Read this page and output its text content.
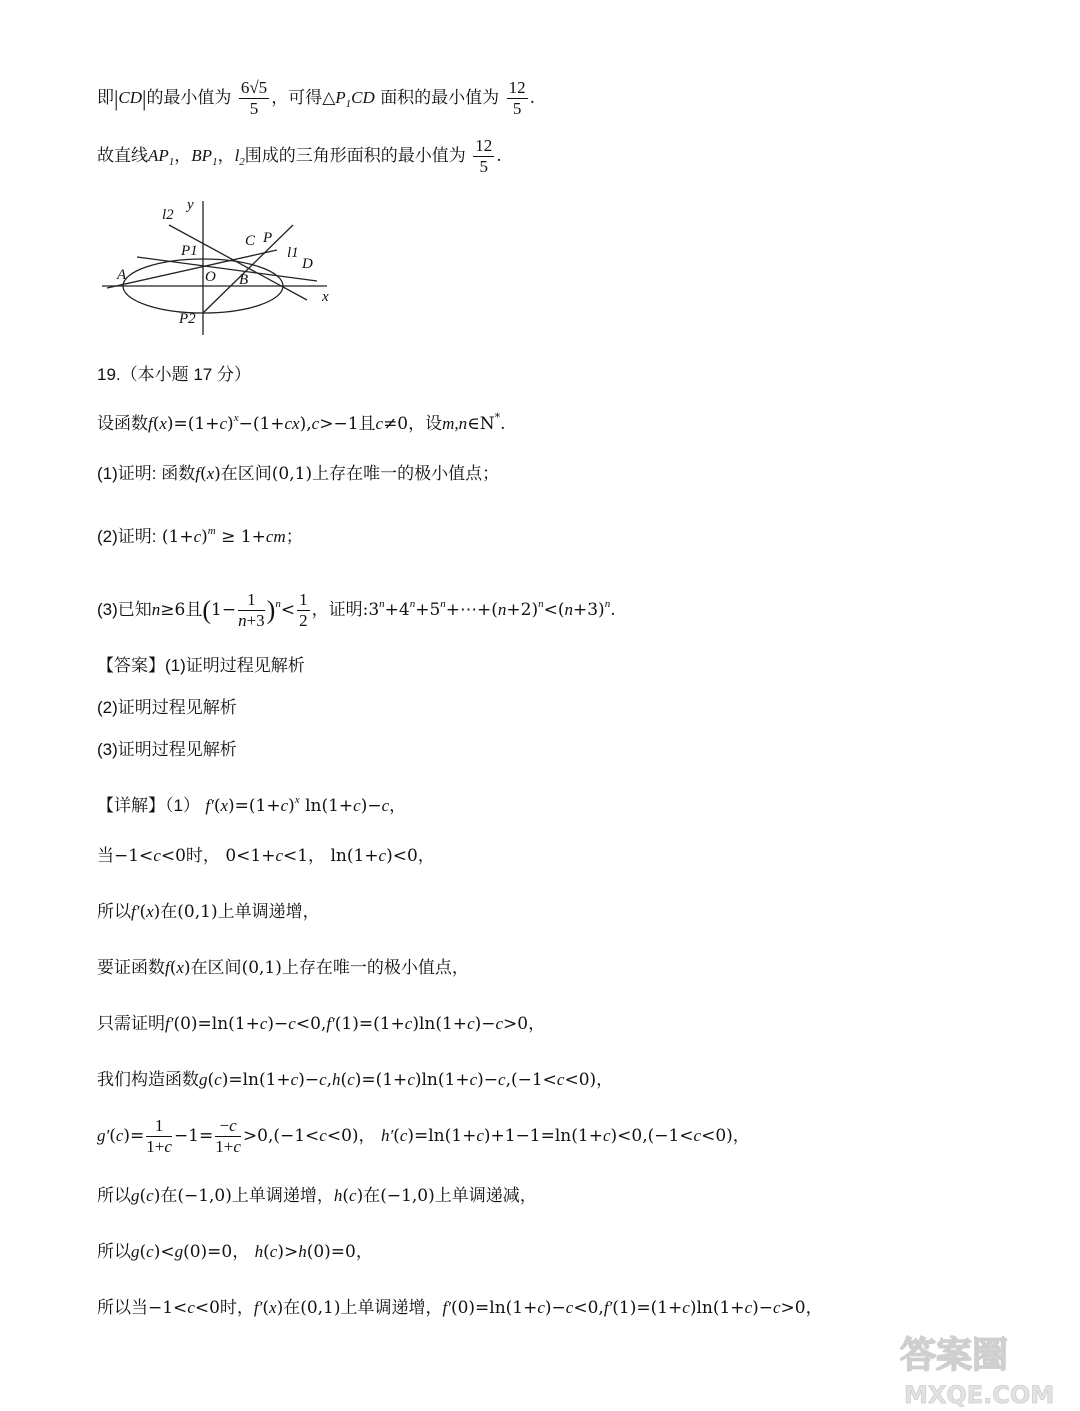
即|CD|的最小值为 $\frac{6√5}{5}$ ，可得$\triangle P_1CD$ 面积的最小值为 $\frac{12}{5}$ .
故直线$AP_1$，$BP_1$，$l_2$围成的三角形面积的最小值为 $\frac{12}{5}$ .
y
l2
C P
P1	l1
D
A	O B
x
P2
19.（本小题 17 分）
设函数$f(x)=(1+c)^x-(1+cx),c>-1$且c≠0，设m,n∈N*.
(1)证明: 函数f(x)在区间(0,1)上存在唯一的极小值点；
(2)证明: $(1+c)^m \ge 1+cm$；
(3)已知n≥6且$(1- \frac{1}{n+3} )^n< \frac{1}{2}$ ，证明$:3^n+4^n+5^n+\cdots+(n+2)^n<(n+3)^n$.
【答案】(1)证明过程见解析
(2)证明过程见解析
(3)证明过程见解析
【详解】（1） $f'(x)=(1+c)^x$ ln(1+c)−c，
当−1<c<0时， 0<1+c<1， ln(1+c)<0，
所以f′(x)在(0,1)上单调递增，
要证函数f(x)在区间(0,1)上存在唯一的极小值点，
只需证明f′(0)=ln(1+c)−c<0,f′(1)=(1+c)ln(1+c)−c>0，
我们构造函数g(c)=ln(1+c)−c,h(c)=(1+c)ln(1+c)−c,(−1<c<0)，
$g'(c)= \frac{1}{1+c} -1= \frac{-c}{1+c} >0,(-1<c<0)$， h′(c)=ln(1+c)+1−1=ln(1+c)<0,(−1<c<0)，
所以g(c)在(−1,0)上单调递增，h(c)在(−1,0)上单调递减，
所以g(c)<g(0)=0， h(c)>h(0)=0，
所以当−1<c<0时，f′(x)在(0,1)上单调递增，f′(0)=ln(1+c)−c<0,f′(1)=(1+c)ln(1+c)−c>0，
答案圈
MXQE.COM
